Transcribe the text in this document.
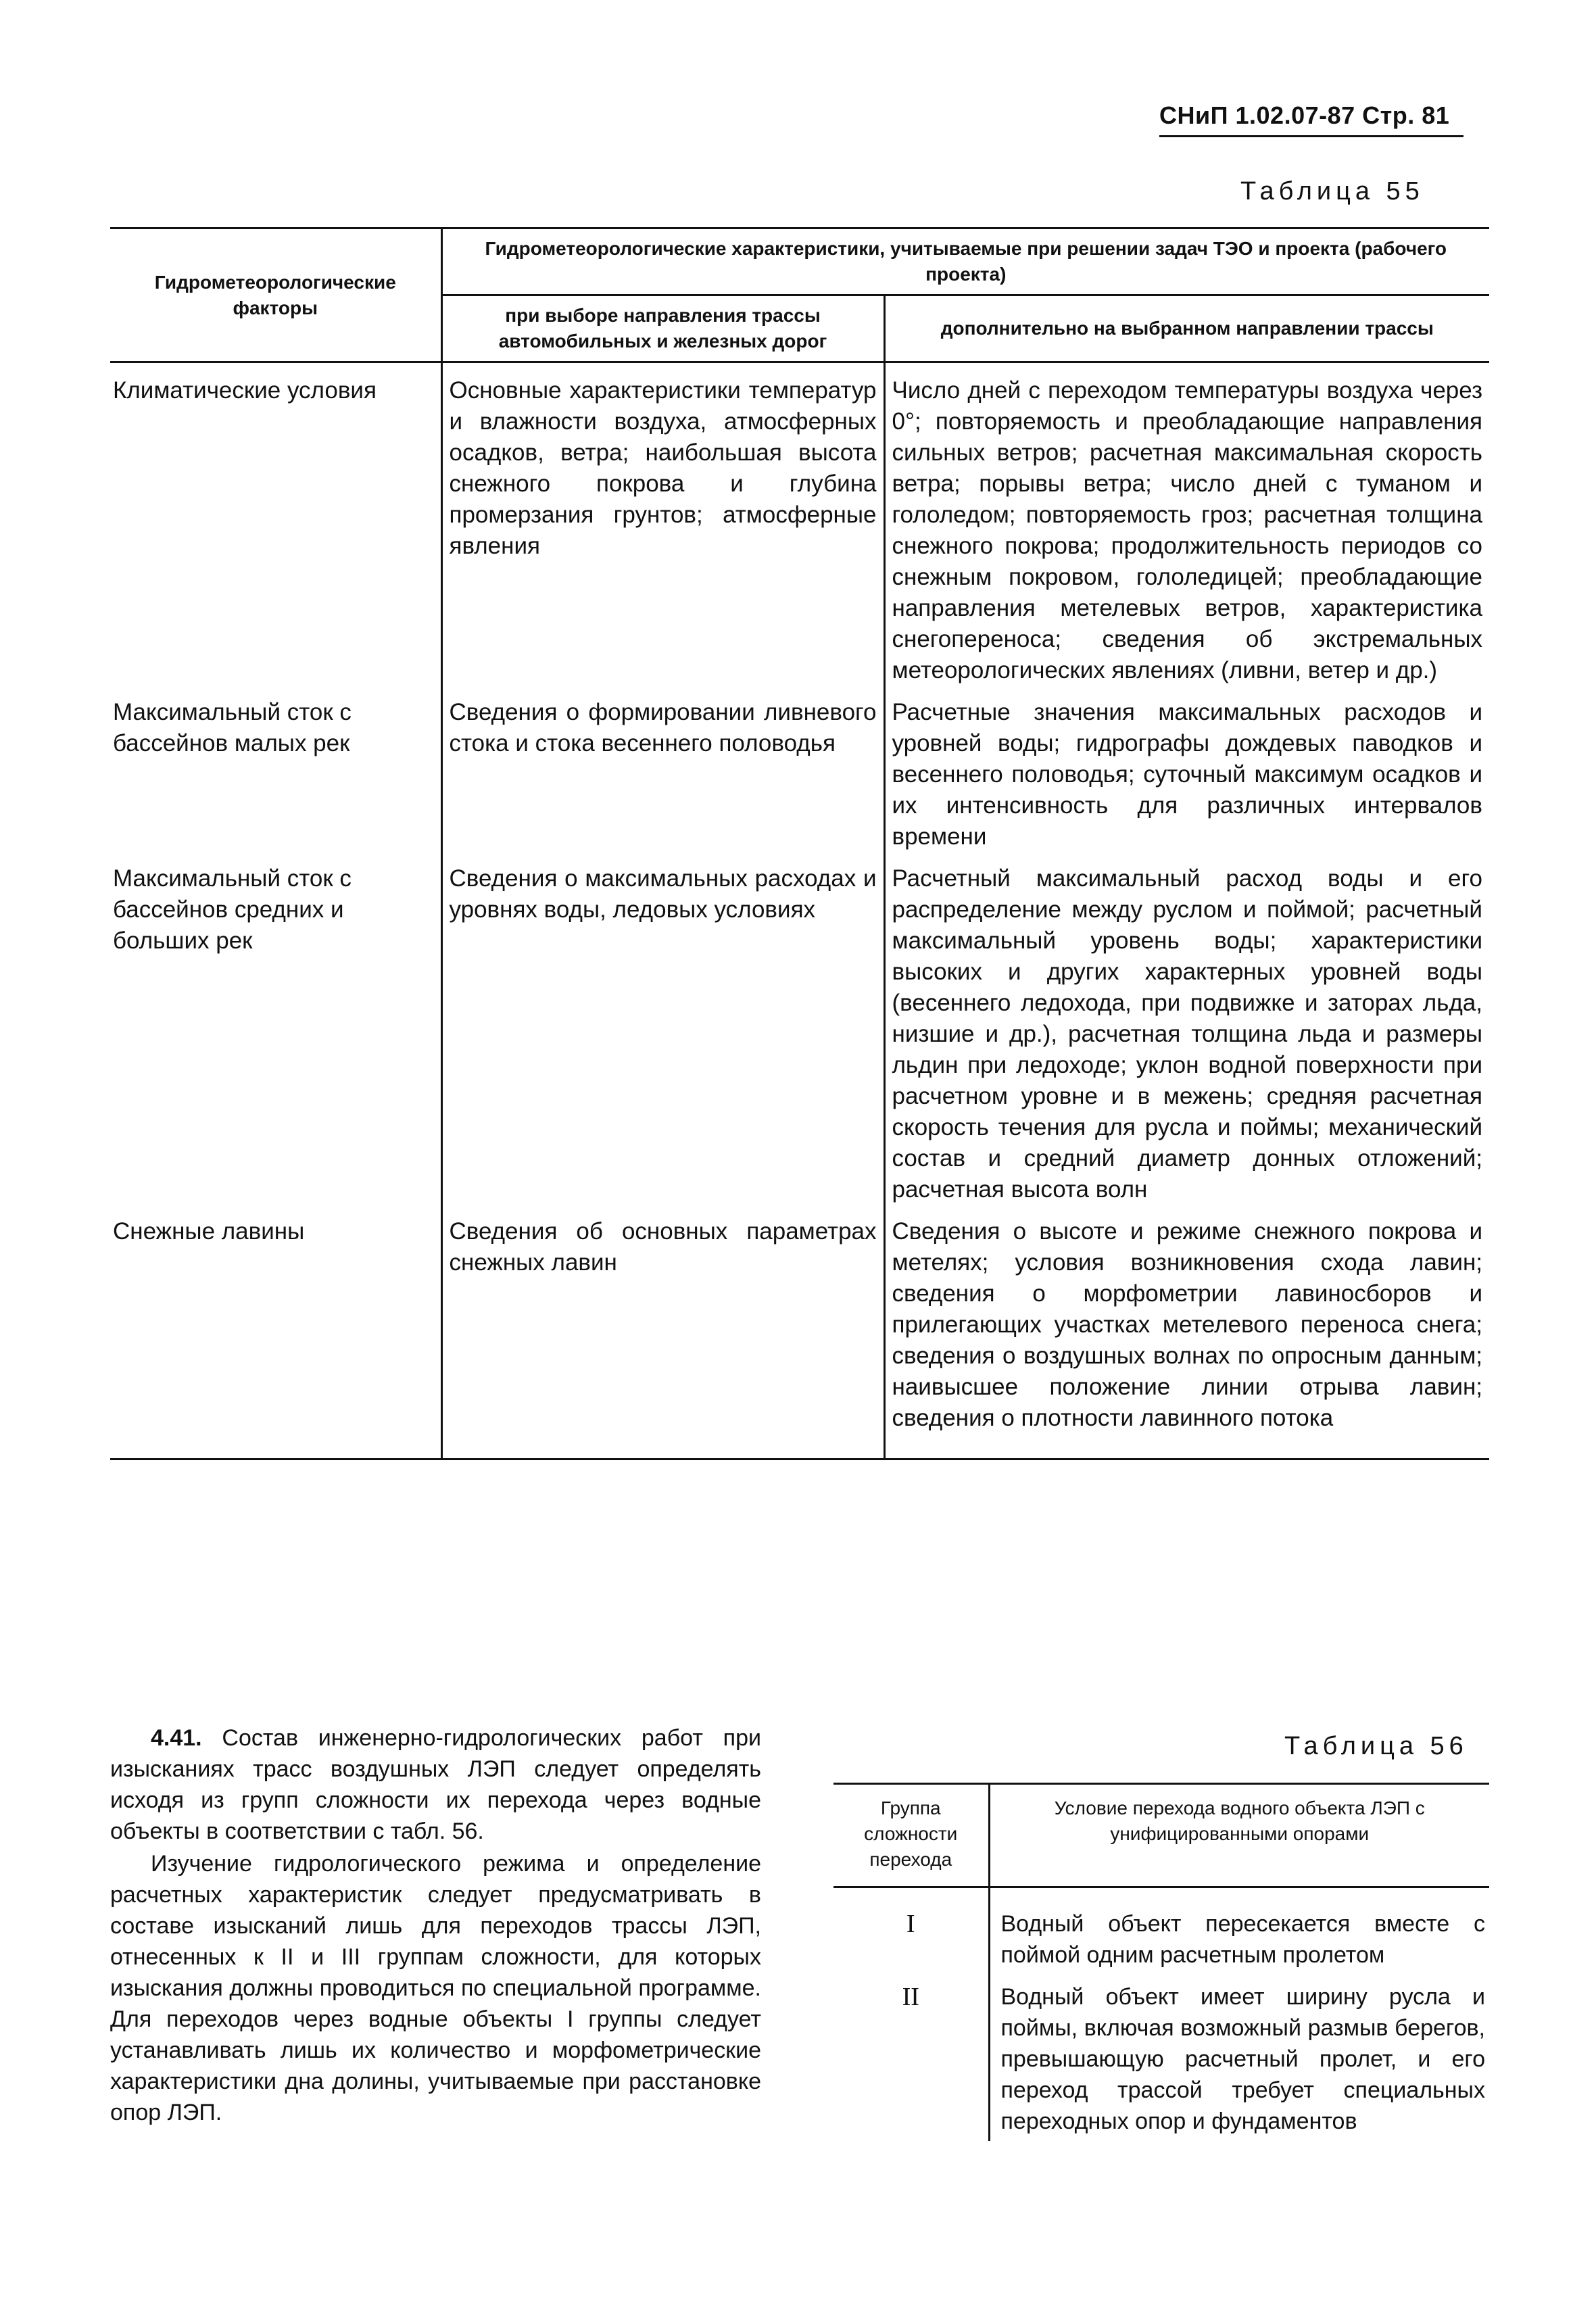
СНиП 1.02.07-87 Стр. 81
Таблица 55
Гидрометеорологические факторы	Гидрометеорологические характеристики, учитываемые при решении задач ТЭО и проекта (рабочего проекта)	
	при выборе направления трассы автомобильных и железных дорог	дополнительно на выбранном направлении трассы
Климатические условия	Основные характеристики температур и влажности воздуха, атмосферных осадков, ветра; наибольшая высота снежного покрова и глубина промерзания грунтов; атмосферные явления	Число дней с переходом температуры воздуха через 0°; повторяемость и преобладающие направления сильных ветров; расчетная максимальная скорость ветра; порывы ветра; число дней с туманом и гололедом; повторяемость гроз; расчетная толщина снежного покрова; продолжительность периодов со снежным покровом, гололедицей; преобладающие направления метелевых ветров, характеристика снегопереноса; сведения об экстремальных метеорологических явлениях (ливни, ветер и др.)
Максимальный сток с бассейнов малых рек	Сведения о формировании ливневого стока и стока весеннего половодья	Расчетные значения максимальных расходов и уровней воды; гидрографы дождевых паводков и весеннего половодья; суточный максимум осадков и их интенсивность для различных интервалов времени
Максимальный сток с бассейнов средних и больших рек	Сведения о максимальных расходах и уровнях воды, ледовых условиях	Расчетный максимальный расход воды и его распределение между руслом и поймой; расчетный максимальный уровень воды; характеристики высоких и других характерных уровней воды (весеннего ледохода, при подвижке и заторах льда, низшие и др.), расчетная толщина льда и размеры льдин при ледоходе; уклон водной поверхности при расчетном уровне и в межень; средняя расчетная скорость течения для русла и поймы; механический состав и средний диаметр донных отложений; расчетная высота волн
Снежные лавины	Сведения об основных параметрах снежных лавин	Сведения о высоте и режиме снежного покрова и метелях; условия возникновения схода лавин; сведения о морфометрии лавиносборов и прилегающих участках метелевого переноса снега; сведения о воздушных волнах по опросным данным; наивысшее положение линии отрыва лавин; сведения о плотности лавинного потока

4.41. Состав инженерно-гидрологических работ при изысканиях трасс воздушных ЛЭП следует определять исходя из групп сложности их перехода через водные объекты в соответствии с табл. 56.

Изучение гидрологического режима и определение расчетных характеристик следует предусматривать в составе изысканий лишь для переходов трассы ЛЭП, отнесенных к II и III группам сложности, для которых изыскания должны проводиться по специальной программе. Для переходов через водные объекты I группы следует устанавливать лишь их количество и морфометрические характеристики дна долины, учитываемые при расстановке опор ЛЭП.

Таблица 56
Группа сложности перехода	Условие перехода водного объекта ЛЭП с унифицированными опорами
I	Водный объект пересекается вместе с поймой одним расчетным пролетом
II	Водный объект имеет ширину русла и поймы, включая возможный размыв берегов, превышающую расчетный пролет, и его переход трассой требует специальных переходных опор и фундаментов
